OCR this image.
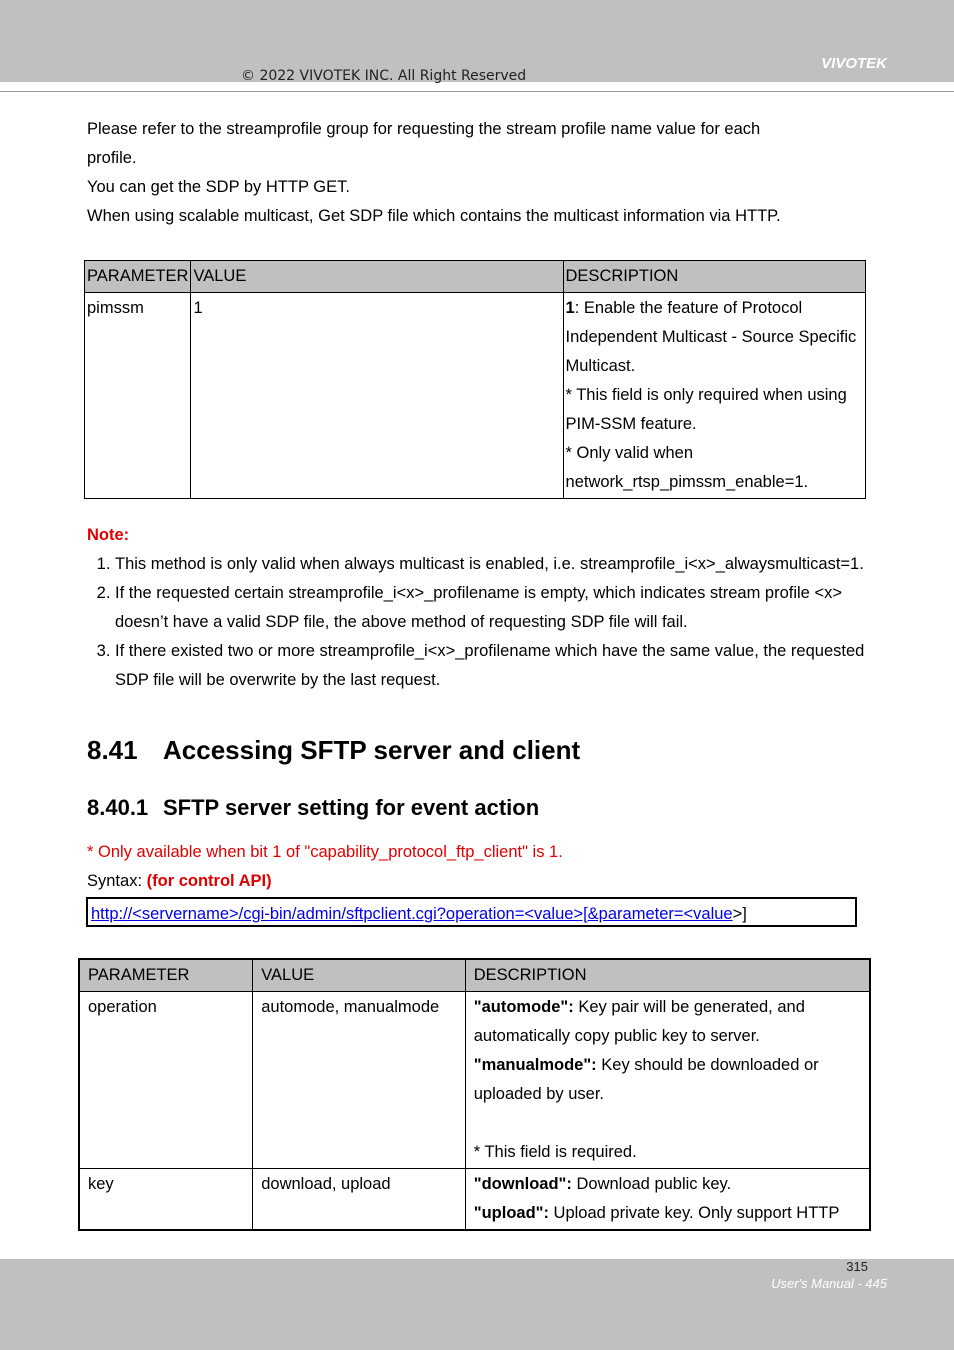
VIVOTEK
© 2022 VIVOTEK INC. All Right Reserved

Please refer to the streamprofile group for requesting the stream profile name value for each

profile.

You can get the SDP by HTTP GET.

When using scalable multicast, Get SDP file which contains the multicast information via HTTP.

PARAMETER	VALUE	DESCRIPTION
pimssm	1	1: Enable the feature of Protocol Independent Multicast - Source Specific Multicast.
* This field is only required when using PIM-SSM feature.
* Only valid when network_rtsp_pimssm_enable=1.
Note:
1. This method is only valid when always multicast is enabled, i.e. streamprofile_i<x>_alwaysmulticast=1.
2. If the requested certain streamprofile_i<x>_profilename is empty, which indicates stream profile <x> doesn’t have a valid SDP file, the above method of requesting SDP file will fail.
3. If there existed two or more streamprofile_i<x>_profilename which have the same value, the requested SDP file will be overwrite by the last request.
8.41 Accessing SFTP server and client
8.40.1 SFTP server setting for event action
* Only available when bit 1 of "capability_protocol_ftp_client" is 1.
Syntax: (for control API)
http://<servername>/cgi-bin/admin/sftpclient.cgi?operation=<value>[&parameter=<value>]
PARAMETER	VALUE	DESCRIPTION
operation	automode, manualmode	"automode": Key pair will be generated, and automatically copy public key to server.
"manualmode": Key should be downloaded or uploaded by user.
* This field is required.

key	download, upload	"download": Download public key.
"upload": Upload private key. Only support HTTP
315
User's Manual - 445
